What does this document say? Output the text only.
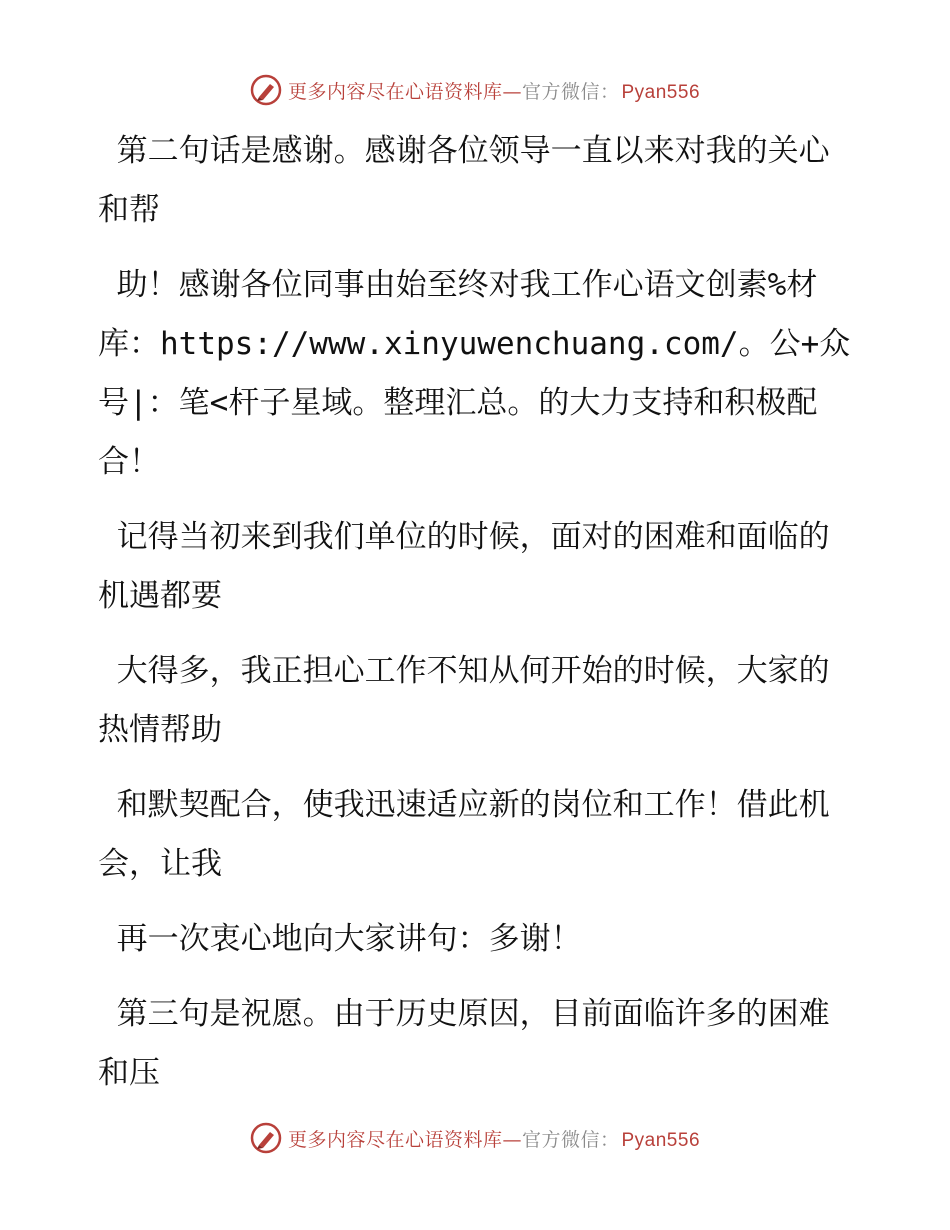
更多内容尽在心语资料库—官方微信： Pyan556

第二句话是感谢。感谢各位领导一直以来对我的关心和帮

助！感谢各位同事由始至终对我工作心语文创素%材库：https://www.xinyuwenchuang.com/。公+众号|：笔<杆子星域。整理汇总。的大力支持和积极配合！

记得当初来到我们单位的时候，面对的困难和面临的机遇都要

大得多，我正担心工作不知从何开始的时候，大家的热情帮助

和默契配合，使我迅速适应新的岗位和工作！借此机会，让我

再一次衷心地向大家讲句：多谢！

第三句是祝愿。由于历史原因，目前面临许多的困难和压

更多内容尽在心语资料库—官方微信： Pyan556
